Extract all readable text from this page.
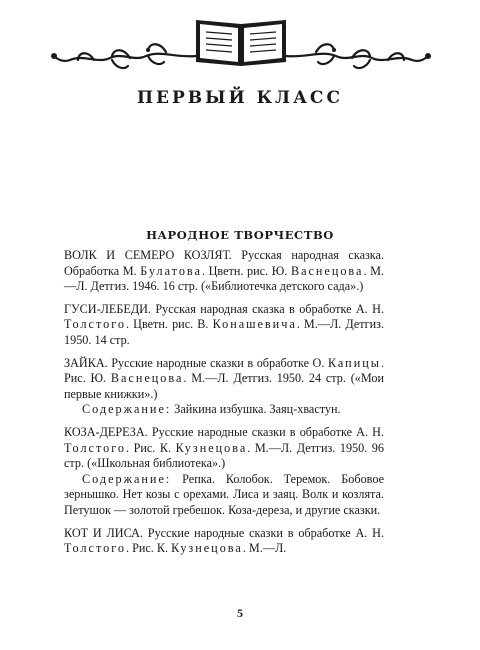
ПЕРВЫЙ КЛАСС
НАРОДНОЕ ТВОРЧЕСТВО

ВОЛК И СЕМЕРО КОЗЛЯТ. Русская народная сказка. Обработка М. Булатова. Цветн. рис. Ю. Васнецова. М.—Л. Детгиз. 1946. 16 стр. («Библиотечка детского сада».)

ГУСИ-ЛЕБЕДИ. Русская народная сказка в обработке А. Н. Толстого. Цветн. рис. В. Конашевича. М.—Л. Детгиз. 1950. 14 стр.

ЗАЙКА. Русские народные сказки в обработке О. Капицы. Рис. Ю. Васнецова. М.—Л. Детгиз. 1950. 24 стр. («Мои первые книжки».)

Содержание: Зайкина избушка. Заяц-хвастун.

КОЗА-ДЕРЕЗА. Русские народные сказки в обработке А. Н. Толстого. Рис. К. Кузнецова. М.—Л. Детгиз. 1950. 96 стр. («Школьная библиотека».)

Содержание: Репка. Колобок. Теремок. Бобовое зернышко. Нет козы с орехами. Лиса и заяц. Волк и козлята. Петушок — золотой гребешок. Коза-дереза, и другие сказки.

КОТ И ЛИСА. Русские народные сказки в обработке А. Н. Толстого. Рис. К. Кузнецова. М.—Л.

5
